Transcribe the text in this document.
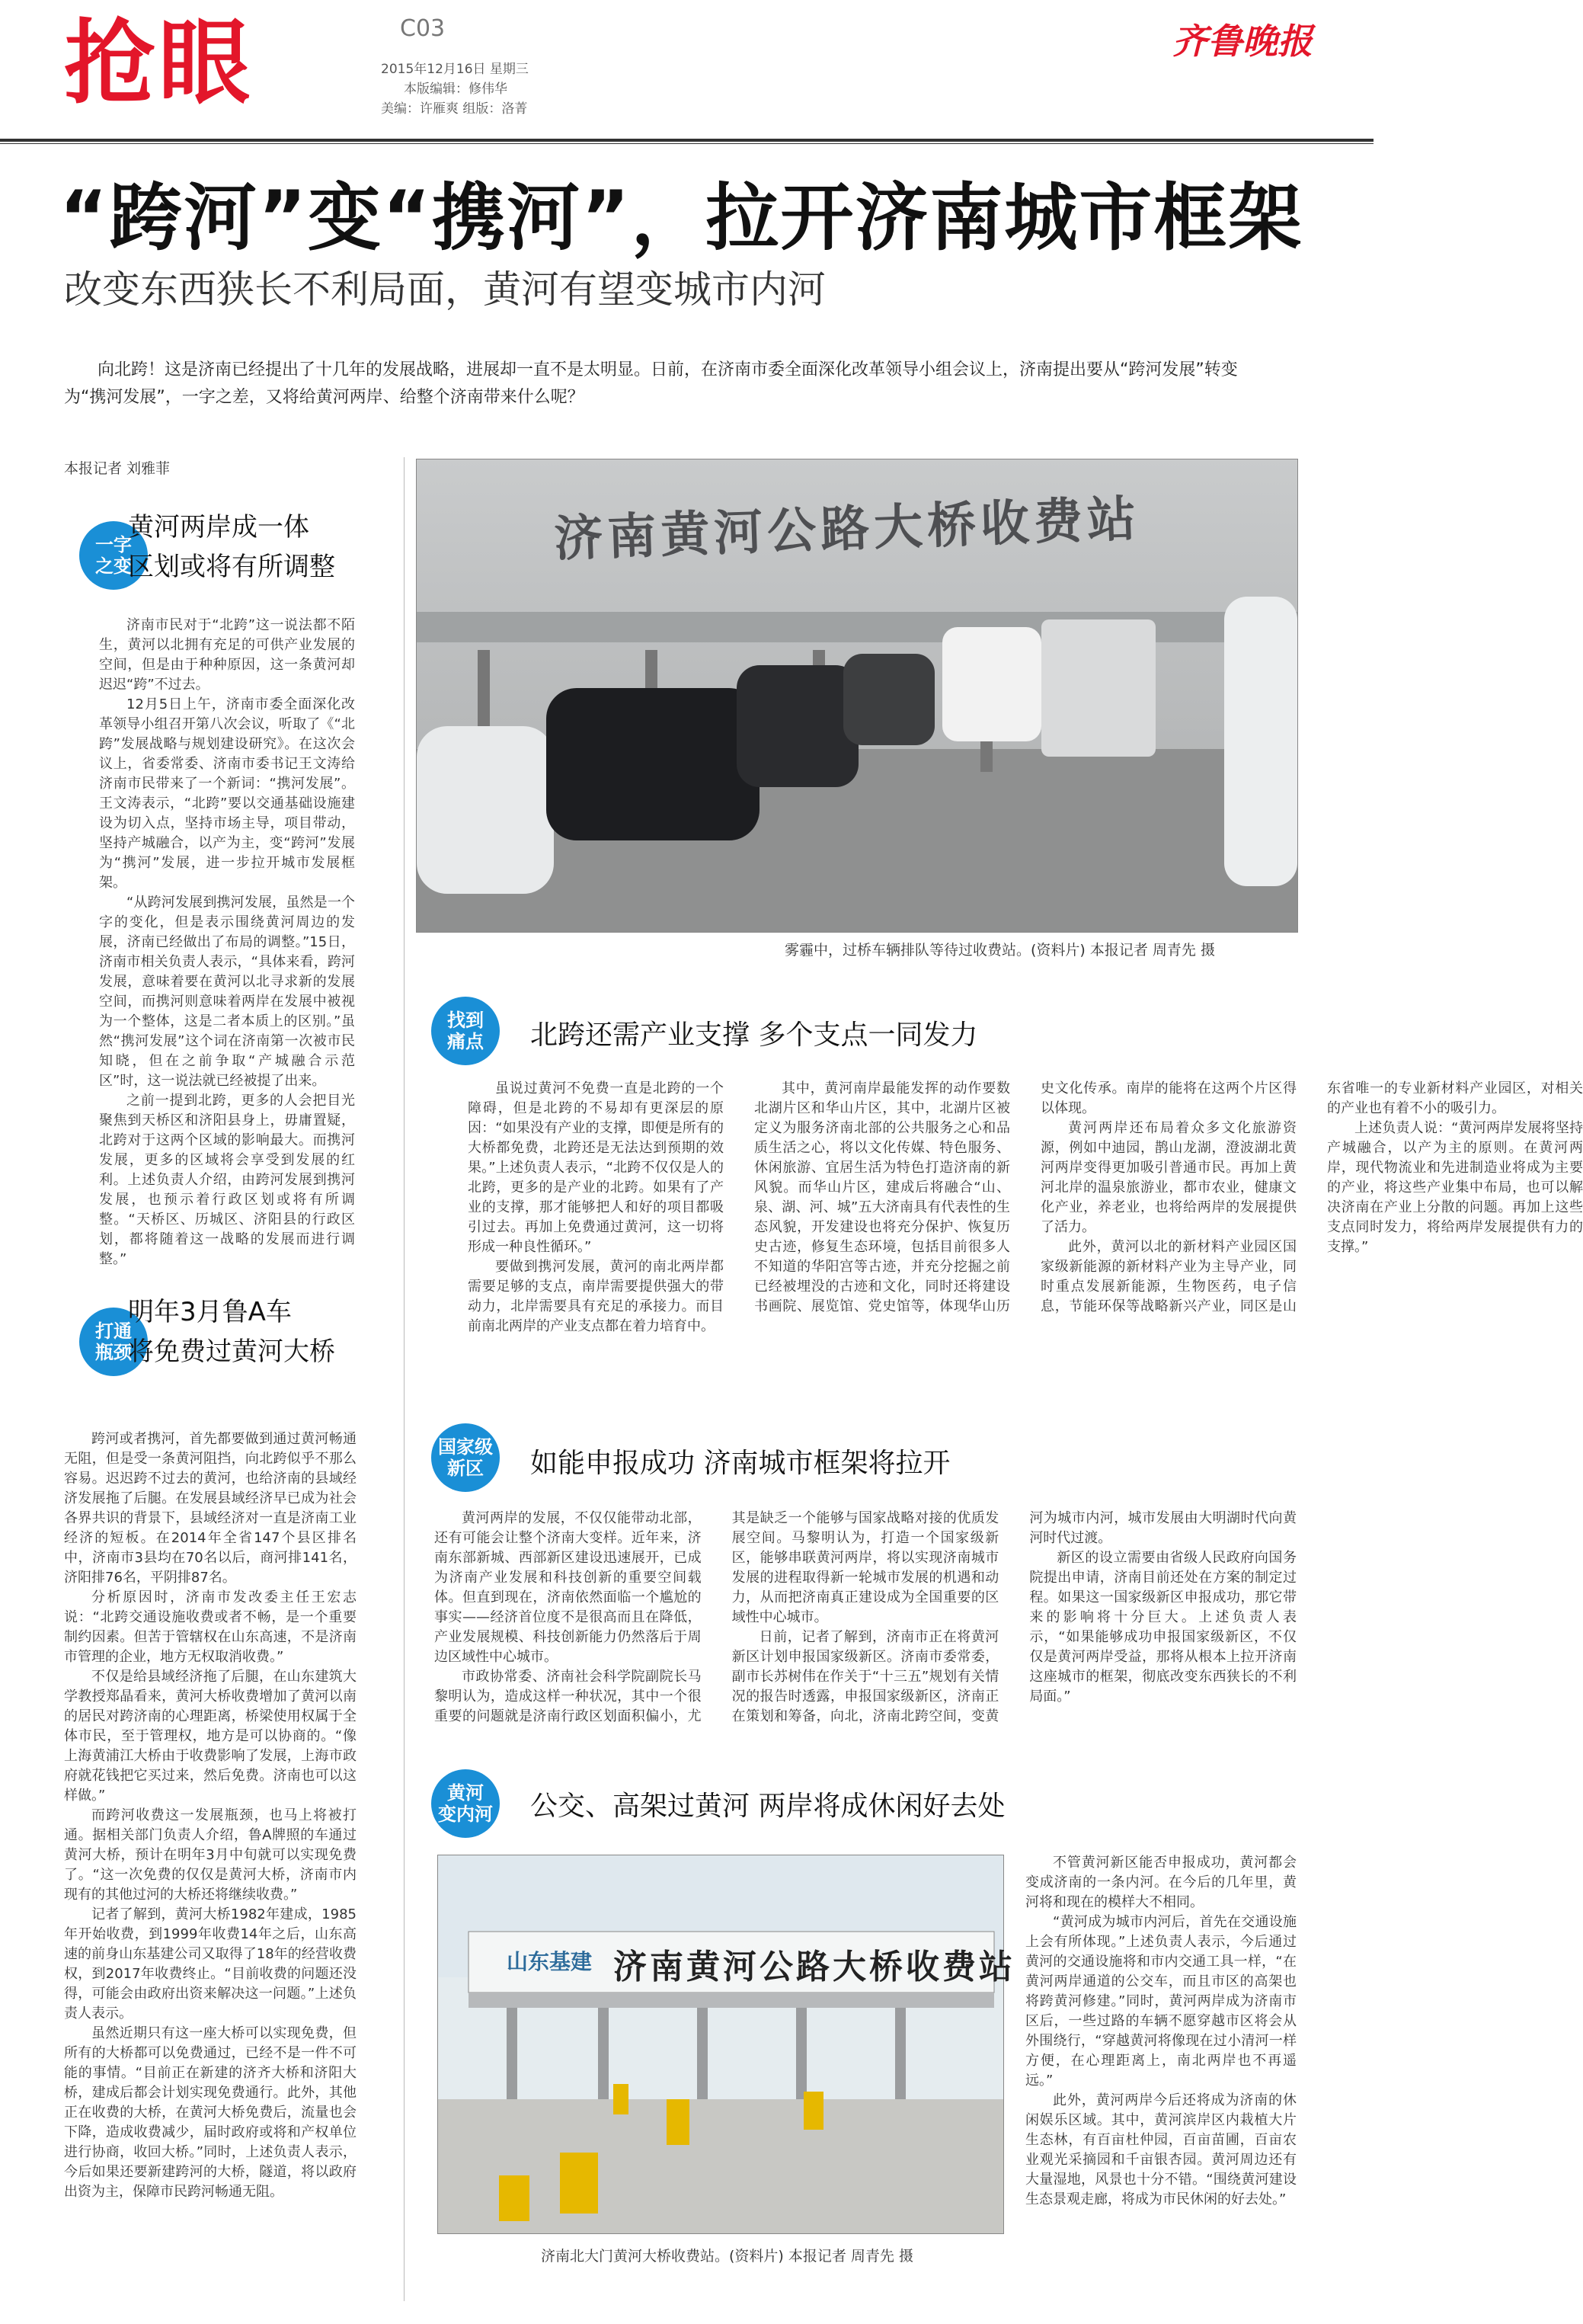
抢眼	C03
2015年12月16日 星期三
本版编辑：修伟华
美编：许雁爽 组版：洛菁
齐鲁晚报
“跨河”变“携河”，拉开济南城市框架
改变东西狭长不利局面，黄河有望变城市内河
向北跨！这是济南已经提出了十几年的发展战略，进展却一直不是太明显。日前，在济南市委全面深化改革领导小组会议上，济南提出要从“跨河发展”转变为“携河发展”，一字之差，又将给黄河两岸、给整个济南带来什么呢？
本报记者 刘雅菲
济南黄河公路大桥收费站
雾霾中，过桥车辆排队等待过收费站。(资料片) 本报记者 周青先 摄
一字
之变
黄河两岸成一体
区划或将有所调整

济南市民对于“北跨”这一说法都不陌生，黄河以北拥有充足的可供产业发展的空间，但是由于种种原因，这一条黄河却迟迟“跨”不过去。

12月5日上午，济南市委全面深化改革领导小组召开第八次会议，听取了《“北跨”发展战略与规划建设研究》。在这次会议上，省委常委、济南市委书记王文涛给济南市民带来了一个新词：“携河发展”。王文涛表示，“北跨”要以交通基础设施建设为切入点，坚持市场主导，项目带动，坚持产城融合，以产为主，变“跨河”发展为“携河”发展，进一步拉开城市发展框架。

“从跨河发展到携河发展，虽然是一个字的变化，但是表示围绕黄河周边的发展，济南已经做出了布局的调整。”15日，济南市相关负责人表示，“具体来看，跨河发展，意味着要在黄河以北寻求新的发展空间，而携河则意味着两岸在发展中被视为一个整体，这是二者本质上的区别。”虽然“携河发展”这个词在济南第一次被市民知晓，但在之前争取“产城融合示范区”时，这一说法就已经被提了出来。

之前一提到北跨，更多的人会把目光聚焦到天桥区和济阳县身上，毋庸置疑，北跨对于这两个区域的影响最大。而携河发展，更多的区域将会享受到发展的红利。上述负责人介绍，由跨河发展到携河发展，也预示着行政区划或将有所调整。“天桥区、历城区、济阳县的行政区划，都将随着这一战略的发展而进行调整。”

打通
瓶颈
明年3月鲁A车
将免费过黄河大桥

跨河或者携河，首先都要做到通过黄河畅通无阻，但是受一条黄河阻挡，向北跨似乎不那么容易。迟迟跨不过去的黄河，也给济南的县域经济发展拖了后腿。在发展县域经济早已成为社会各界共识的背景下，县域经济对一直是济南工业经济的短板。在2014年全省147个县区排名中，济南市3县均在70名以后，商河排141名，济阳排76名，平阴排87名。

分析原因时，济南市发改委主任王宏志说：“北跨交通设施收费或者不畅，是一个重要制约因素。但苦于管辖权在山东高速，不是济南市管理的企业，地方无权取消收费。”

不仅是给县域经济拖了后腿，在山东建筑大学教授郑晶看来，黄河大桥收费增加了黄河以南的居民对跨济南的心理距离，桥梁使用权属于全体市民，至于管理权，地方是可以协商的。“像上海黄浦江大桥由于收费影响了发展，上海市政府就花钱把它买过来，然后免费。济南也可以这样做。”

而跨河收费这一发展瓶颈，也马上将被打通。据相关部门负责人介绍，鲁A牌照的车通过黄河大桥，预计在明年3月中旬就可以实现免费了。“这一次免费的仅仅是黄河大桥，济南市内现有的其他过河的大桥还将继续收费。”

记者了解到，黄河大桥1982年建成，1985年开始收费，到1999年收费14年之后，山东高速的前身山东基建公司又取得了18年的经营收费权，到2017年收费终止。“目前收费的问题还没得，可能会由政府出资来解决这一问题。”上述负责人表示。

虽然近期只有这一座大桥可以实现免费，但所有的大桥都可以免费通过，已经不是一件不可能的事情。“目前正在新建的济齐大桥和济阳大桥，建成后都会计划实现免费通行。此外，其他正在收费的大桥，在黄河大桥免费后，流量也会下降，造成收费减少，届时政府或将和产权单位进行协商，收回大桥。”同时，上述负责人表示，今后如果还要新建跨河的大桥，隧道，将以政府出资为主，保障市民跨河畅通无阻。

找到
痛点 北跨还需产业支撑 多个支点一同发力

虽说过黄河不免费一直是北跨的一个障碍，但是北跨的不易却有更深层的原因：“如果没有产业的支撑，即便是所有的大桥都免费，北跨还是无法达到预期的效果。”上述负责人表示，“北跨不仅仅是人的北跨，更多的是产业的北跨。如果有了产业的支撑，那才能够把人和好的项目都吸引过去。再加上免费通过黄河，这一切将形成一种良性循环。”

要做到携河发展，黄河的南北两岸都需要足够的支点，南岸需要提供强大的带动力，北岸需要具有充足的承接力。而目前南北两岸的产业支点都在着力培育中。

其中，黄河南岸最能发挥的动作要数北湖片区和华山片区，其中，北湖片区被定义为服务济南北部的公共服务之心和品质生活之心，将以文化传媒、特色服务、休闲旅游、宜居生活为特色打造济南的新风貌。而华山片区，建成后将融合“山、泉、湖、河、城”五大济南具有代表性的生态风貌，开发建设也将充分保护、恢复历史古迹，修复生态环境，包括目前很多人不知道的华阳宫等古迹，并充分挖掘之前已经被埋没的古迹和文化，同时还将建设书画院、展览馆、党史馆等，体现华山历史文化传承。南岸的能将在这两个片区得以体现。

黄河两岸还布局着众多文化旅游资源，例如中迪园，鹊山龙湖，澄波湖北黄河两岸变得更加吸引普通市民。再加上黄河北岸的温泉旅游业，都市农业，健康文化产业，养老业，也将给两岸的发展提供了活力。

此外，黄河以北的新材料产业园区国家级新能源的新材料产业为主导产业，同时重点发展新能源，生物医药，电子信息，节能环保等战略新兴产业，同区是山东省唯一的专业新材料产业园区，对相关的产业也有着不小的吸引力。

上述负责人说：“黄河两岸发展将坚持产城融合，以产为主的原则。在黄河两岸，现代物流业和先进制造业将成为主要的产业，将这些产业集中布局，也可以解决济南在产业上分散的问题。再加上这些支点同时发力，将给两岸发展提供有力的支撑。”

国家级
新区	如能申报成功 济南城市框架将拉开

黄河两岸的发展，不仅仅能带动北部，还有可能会让整个济南大变样。近年来，济南东部新城、西部新区建设迅速展开，已成为济南产业发展和科技创新的重要空间载体。但直到现在，济南依然面临一个尴尬的事实——经济首位度不是很高而且在降低，产业发展规模、科技创新能力仍然落后于周边区域性中心城市。

市政协常委、济南社会科学院副院长马黎明认为，造成这样一种状况，其中一个很重要的问题就是济南行政区划面积偏小，尤其是缺乏一个能够与国家战略对接的优质发展空间。马黎明认为，打造一个国家级新区，能够串联黄河两岸，将以实现济南城市发展的进程取得新一轮城市发展的机遇和动力，从而把济南真正建设成为全国重要的区域性中心城市。

日前，记者了解到，济南市正在将黄河新区计划申报国家级新区。济南市委常委，副市长苏树伟在作关于“十三五”规划有关情况的报告时透露，申报国家级新区，济南正在策划和筹备，向北，济南北跨空间，变黄河为城市内河，城市发展由大明湖时代向黄河时代过渡。

新区的设立需要由省级人民政府向国务院提出申请，济南目前还处在方案的制定过程。如果这一国家级新区申报成功，那它带来的影响将十分巨大。上述负责人表示，“如果能够成功申报国家级新区，不仅仅是黄河两岸受益，那将从根本上拉开济南这座城市的框架，彻底改变东西狭长的不利局面。”

黄河
变内河 公交、高架过黄河 两岸将成休闲好去处
山东基建 济南黄河公路大桥收费站
济南北大门黄河大桥收费站。(资料片) 本报记者 周青先 摄

不管黄河新区能否申报成功，黄河都会变成济南的一条内河。在今后的几年里，黄河将和现在的模样大不相同。

“黄河成为城市内河后，首先在交通设施上会有所体现。”上述负责人表示，今后通过黄河的交通设施将和市内交通工具一样，“在黄河两岸通道的公交车，而且市区的高架也将跨黄河修建。”同时，黄河两岸成为济南市区后，一些过路的车辆不愿穿越市区将会从外围绕行，“穿越黄河将像现在过小清河一样方便，在心理距离上，南北两岸也不再遥远。”

此外，黄河两岸今后还将成为济南的休闲娱乐区域。其中，黄河滨岸区内栽植大片生态林，有百亩杜仲园，百亩苗圃，百亩农业观光采摘园和千亩银杏园。黄河周边还有大量湿地，风景也十分不错。“围绕黄河建设生态景观走廊，将成为市民休闲的好去处。”
